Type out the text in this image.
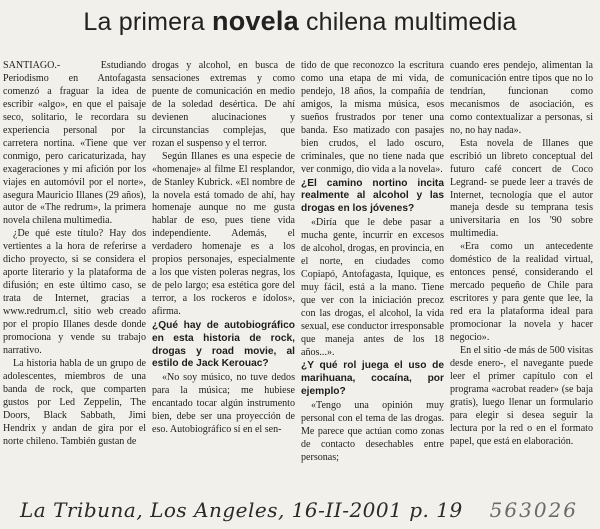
La primera novela chilena multimedia

SANTIAGO.- Estudiando Periodismo en Antofagasta comenzó a fraguar la idea de escribir «algo», en que el paisaje seco, solitario, le recordara su experiencia personal por la carretera nortina. «Tiene que ver conmigo, pero caricaturizada, hay exageraciones y mi afición por los viajes en automóvil por el norte», asegura Mauricio Illanes (29 años), autor de «The redrum», la primera novela chilena multimedia.

¿De qué este título? Hay dos vertientes a la hora de referirse a dicho proyecto, si se considera el aporte literario y la plataforma de difusión; en este último caso, se trata de Internet, gracias a www.redrum.cl, sitio web creado por el propio Illanes desde donde promociona y vende su trabajo narrativo.

La historia habla de un grupo de adolescentes, miembros de una banda de rock, que comparten gustos por Led Zeppelin, The Doors, Black Sabbath, Jimi Hendrix y andan de gira por el norte chileno. También gustan de

drogas y alcohol, en busca de sensaciones extremas y como puente de comunicación en medio de la soledad desértica. De ahí devienen alucinaciones y circunstancias complejas, que rozan el suspenso y el terror.

Según Illanes es una especie de «homenaje» al filme El resplandor, de Stanley Kubrick. «El nombre de la novela está tomado de ahí, hay homenaje aunque no me gusta hablar de eso, pues tiene vida independiente. Además, el verdadero homenaje es a los propios personajes, especialmente a los que visten poleras negras, los de pelo largo; esa estética gore del terror, a los rockeros e ídolos», afirma.

¿Qué hay de autobiográfico en esta historia de rock, drogas y road movie, al estilo de Jack Kerouac?

«No soy músico, no tuve dedos para la música; me hubiese encantado tocar algún instrumento bien, debe ser una proyección de eso. Autobiográfico sí en el sen-

tido de que reconozco la escritura como una etapa de mi vida, de pendejo, 18 años, la compañía de amigos, la misma música, esos sueños frustrados por tener una banda. Eso matizado con pasajes bien crudos, el lado oscuro, criminales, que no tiene nada que ver conmigo, dio vida a la novela».

¿El camino nortino incita realmente al alcohol y las drogas en los jóvenes?

«Diría que le debe pasar a mucha gente, incurrir en excesos de alcohol, drogas, en provincia, en el norte, en ciudades como Copiapó, Antofagasta, Iquique, es muy fácil, está a la mano. Tiene que ver con la iniciación precoz con las drogas, el alcohol, la vida sexual, ese conductor irresponsable que maneja antes de los 18 años...».

¿Y qué rol juega el uso de marihuana, cocaína, por ejemplo?

«Tengo una opinión muy personal con el tema de las drogas. Me parece que actúan como zonas de contacto desechables entre personas;

cuando eres pendejo, alimentan la comunicación entre tipos que no lo tendrían, funcionan como mecanismos de asociación, es como contextualizar a personas, si no, no hay nada».

Esta novela de Illanes que escribió un libreto conceptual del futuro café concert de Coco Legrand- se puede leer a través de Internet, tecnología que el autor maneja desde su temprana tesis universitaria en los '90 sobre multimedia.

«Era como un antecedente doméstico de la realidad virtual, entonces pensé, considerando el mercado pequeño de Chile para escritores y para gente que lee, la red era la plataforma ideal para promocionar la novela y hacer negocio».

En el sitio -de más de 500 visitas desde enero-, el navegante puede leer el primer capítulo con el programa «acrobat reader» (se baja gratis), luego llenar un formulario para elegir si desea seguir la lectura por la red o en el formato papel, que está en elaboración.

La Tribuna, Los Angeles, 16-II-2001 p. 19 563026
